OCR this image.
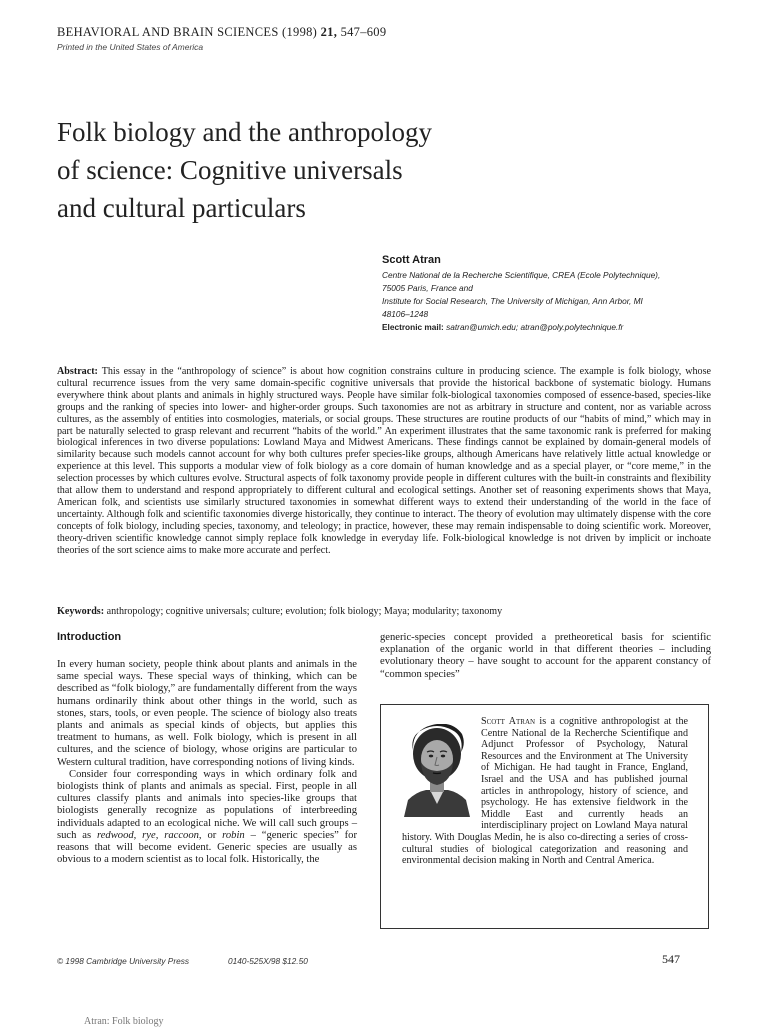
BEHAVIORAL AND BRAIN SCIENCES (1998) 21, 547–609
Printed in the United States of America
Folk biology and the anthropology
of science: Cognitive universals
and cultural particulars
Scott Atran
Centre National de la Recherche Scientifique, CREA (Ecole Polytechnique),
75005 Paris, France and
Institute for Social Research, The University of Michigan, Ann Arbor, MI
48106–1248
Electronic mail: satran@umich.edu; atran@poly.polytechnique.fr
Abstract: This essay in the “anthropology of science” is about how cognition constrains culture in producing science. The example is folk biology, whose cultural recurrence issues from the very same domain-specific cognitive universals that provide the historical backbone of systematic biology. Humans everywhere think about plants and animals in highly structured ways. People have similar folk-biological taxonomies composed of essence-based, species-like groups and the ranking of species into lower- and higher-order groups. Such taxonomies are not as arbitrary in structure and content, nor as variable across cultures, as the assembly of entities into cosmologies, materials, or social groups. These structures are routine products of our “habits of mind,” which may in part be naturally selected to grasp relevant and recurrent “habits of the world.” An experiment illustrates that the same taxonomic rank is preferred for making biological inferences in two diverse populations: Lowland Maya and Midwest Americans. These findings cannot be explained by domain-general models of similarity because such models cannot account for why both cultures prefer species-like groups, although Americans have relatively little actual knowledge or experience at this level. This supports a modular view of folk biology as a core domain of human knowledge and as a special player, or “core meme,” in the selection processes by which cultures evolve. Structural aspects of folk taxonomy provide people in different cultures with the built-in constraints and flexibility that allow them to understand and respond appropriately to different cultural and ecological settings. Another set of reasoning experiments shows that Maya, American folk, and scientists use similarly structured taxonomies in somewhat different ways to extend their understanding of the world in the face of uncertainty. Although folk and scientific taxonomies diverge historically, they continue to interact. The theory of evolution may ultimately dispense with the core concepts of folk biology, including species, taxonomy, and teleology; in practice, however, these may remain indispensable to doing scientific work. Moreover, theory-driven scientific knowledge cannot simply replace folk knowledge in everyday life. Folk-biological knowledge is not driven by implicit or inchoate theories of the sort science aims to make more accurate and perfect.
Keywords: anthropology; cognitive universals; culture; evolution; folk biology; Maya; modularity; taxonomy
Introduction

In every human society, people think about plants and animals in the same special ways. These special ways of thinking, which can be described as “folk biology,” are fundamentally different from the ways humans ordinarily think about other things in the world, such as stones, stars, tools, or even people. The science of biology also treats plants and animals as special kinds of objects, but applies this treatment to humans, as well. Folk biology, which is present in all cultures, and the science of biology, whose origins are particular to Western cultural tradition, have corresponding notions of living kinds.

Consider four corresponding ways in which ordinary folk and biologists think of plants and animals as special. First, people in all cultures classify plants and animals into species-like groups that biologists generally recognize as populations of interbreeding individuals adapted to an ecological niche. We will call such groups – such as redwood, rye, raccoon, or robin – “generic species” for reasons that will become evident. Generic species are usually as obvious to a modern scientist as to local folk. Historically, the

generic-species concept provided a pretheoretical basis for scientific explanation of the organic world in that different theories – including evolutionary theory – have sought to account for the apparent constancy of “common species”
Scott Atran is a cognitive anthropologist at the Centre National de la Recherche Scientifique and Adjunct Professor of Psychology, Natural Resources and the Environment at The University of Michigan. He had taught in France, England, Israel and the USA and has published journal articles in anthropology, history of science, and psychology. He has extensive fieldwork in the Middle East and currently heads an interdisciplinary project on Lowland Maya natural history. With Douglas Medin, he is also co-directing a series of cross-cultural studies of biological categorization and reasoning and environmental decision making in North and Central America.
© 1998 Cambridge University Press	0140-525X/98 $12.50	547
Atran: Folk biology
